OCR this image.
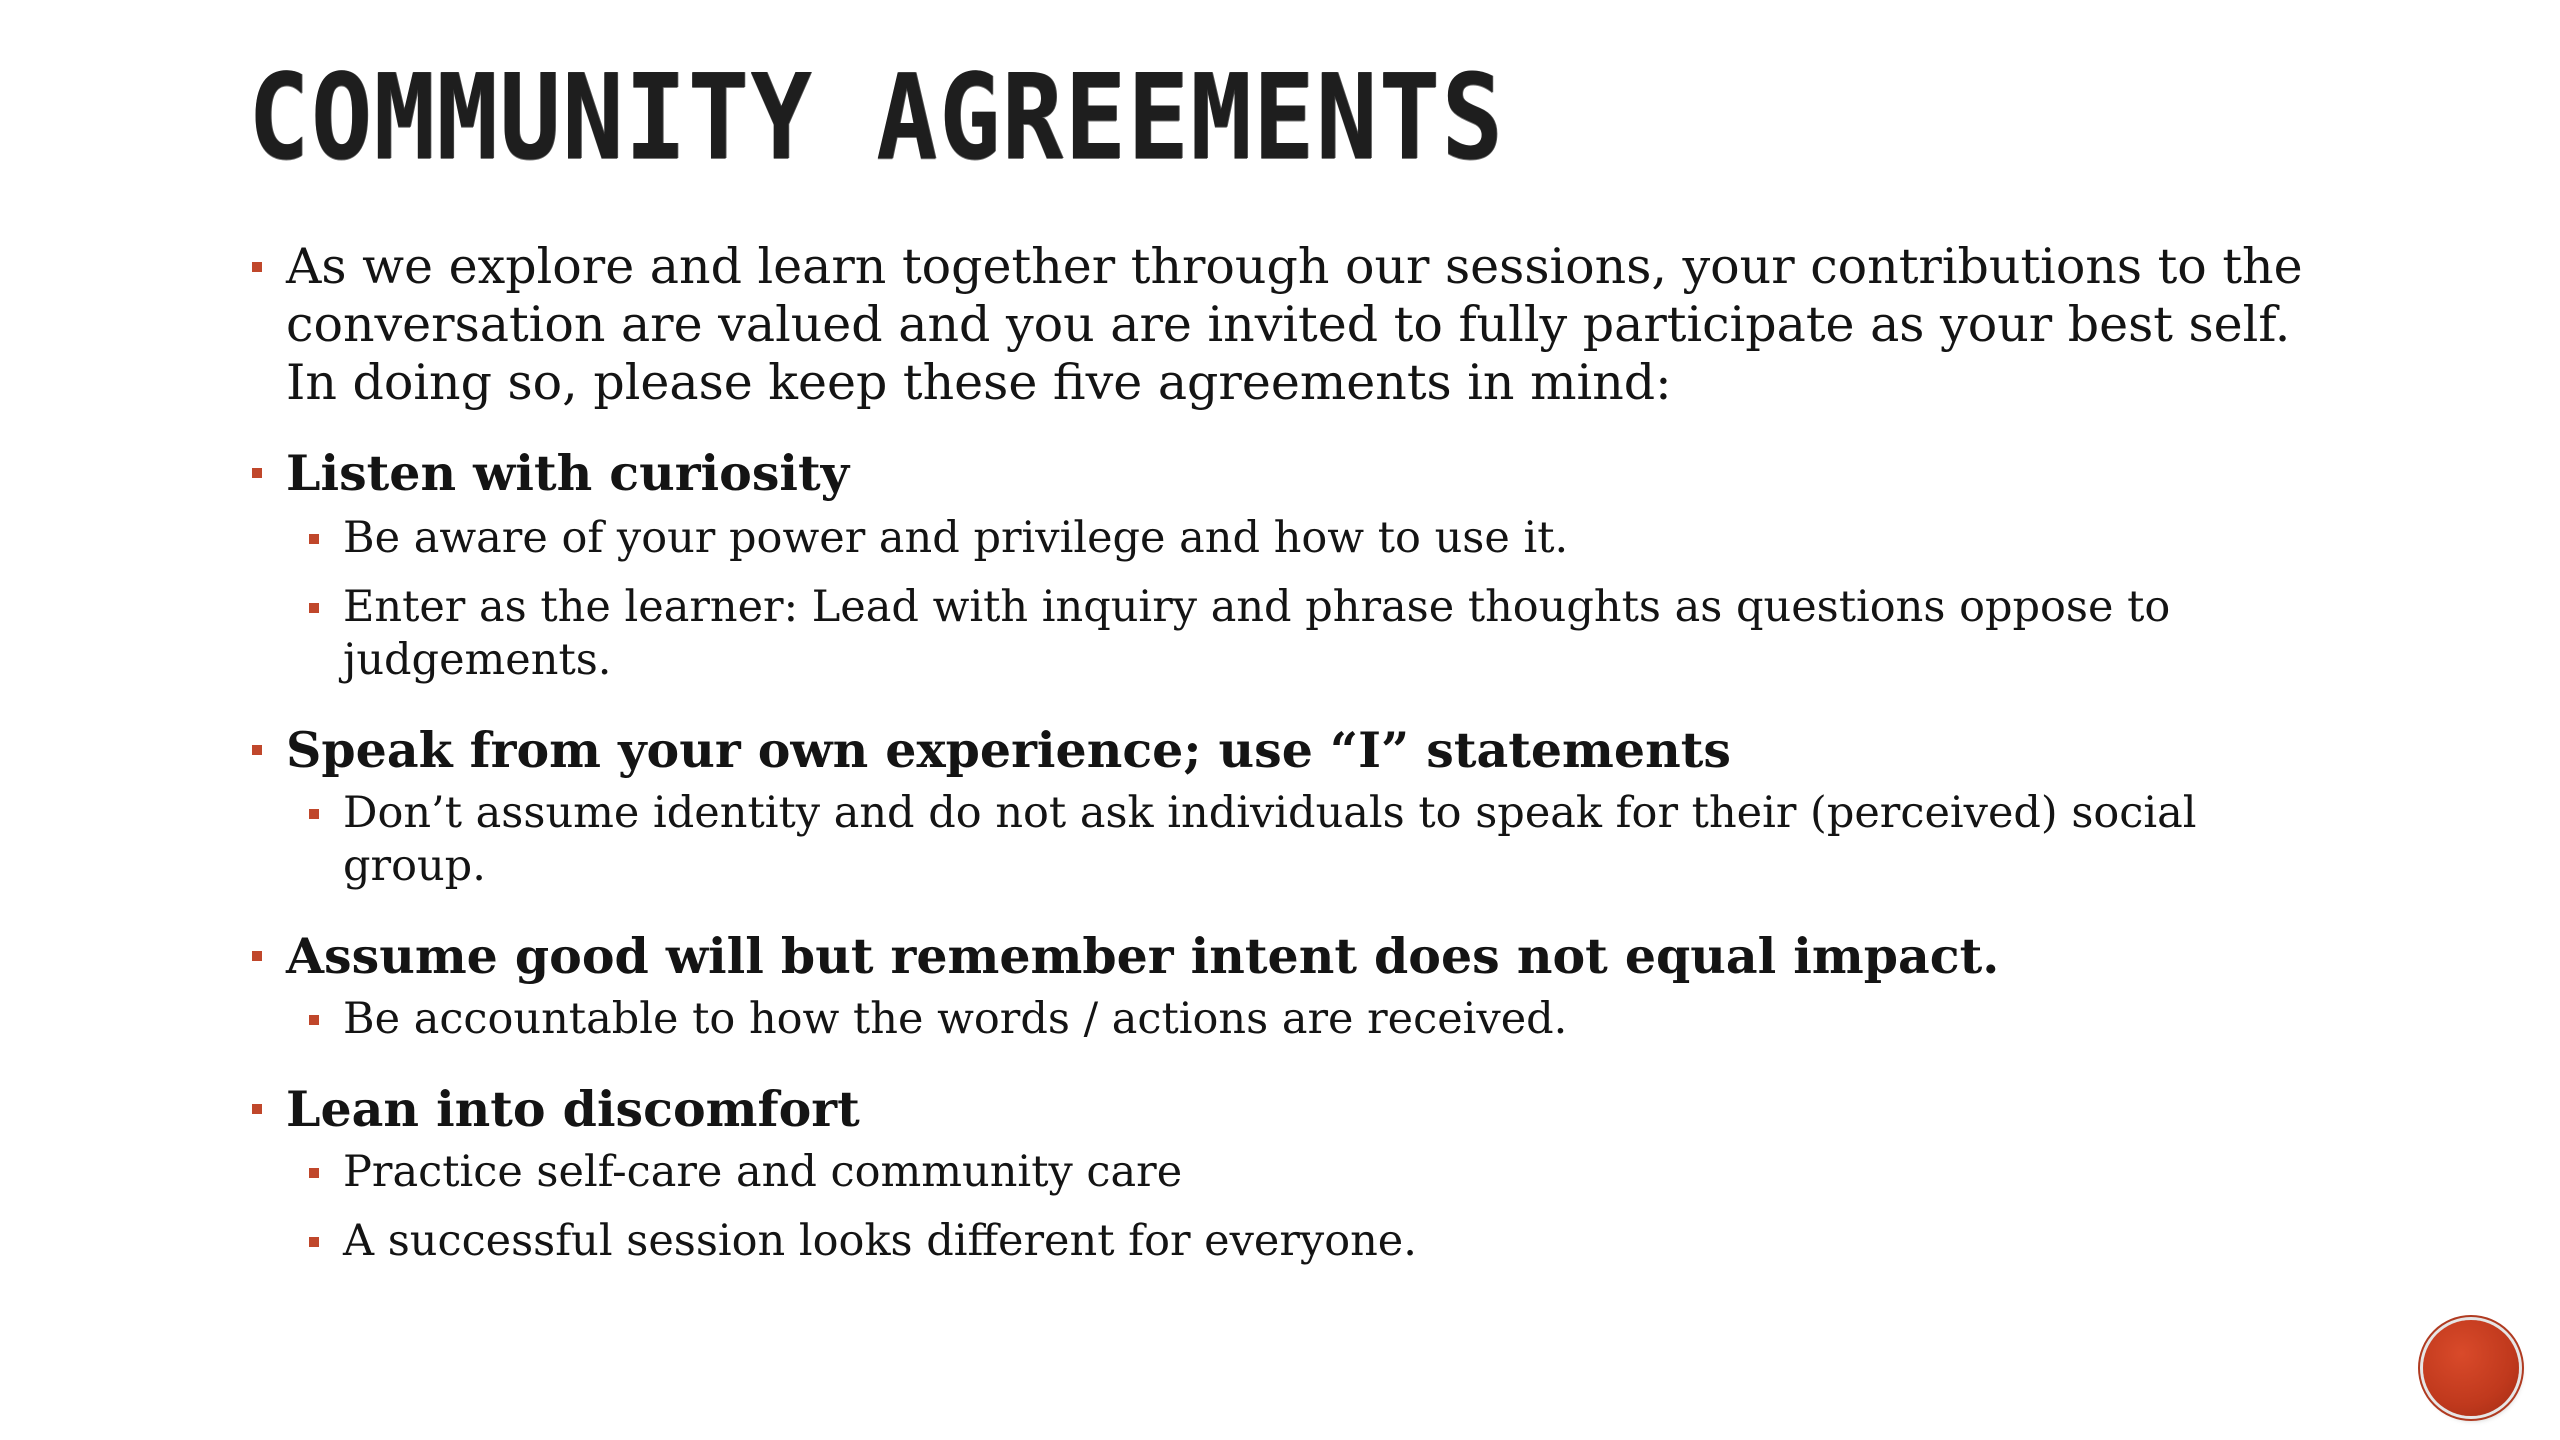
COMMUNITY AGREEMENTS
As we explore and learn together through our sessions, your contributions to the conversation are valued and you are invited to fully participate as your best self. In doing so, please keep these five agreements in mind:
Listen with curiosity
Be aware of your power and privilege and how to use it.
Enter as the learner: Lead with inquiry and phrase thoughts as questions oppose to judgements.
Speak from your own experience; use “I” statements
Don’t assume identity and do not ask individuals to speak for their (perceived) social group.
Assume good will but remember intent does not equal impact.
Be accountable to how the words / actions are received.
Lean into discomfort
Practice self-care and community care
A successful session looks different for everyone.
